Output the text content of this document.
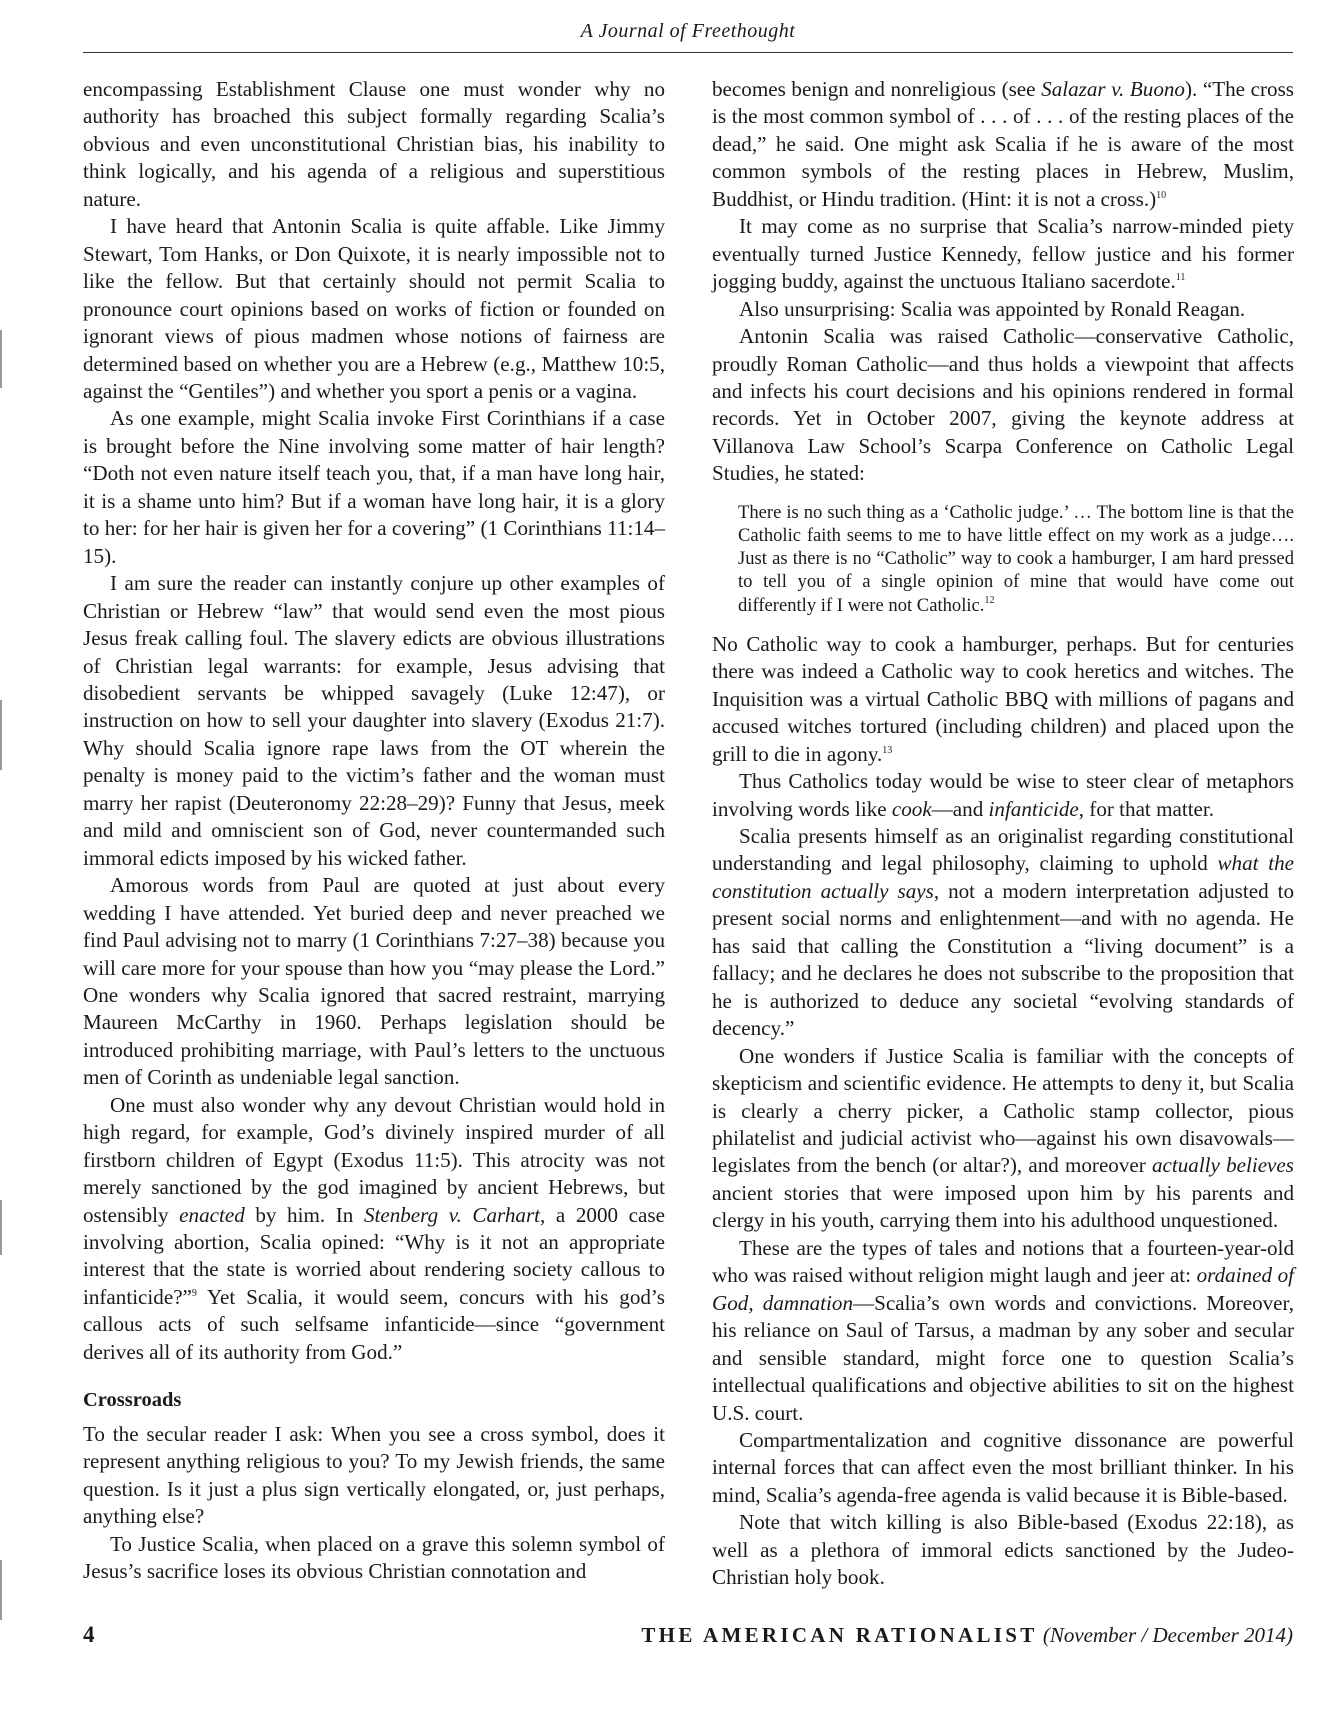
A Journal of Freethought

encompassing Establishment Clause one must wonder why no authority has broached this subject formally regarding Scalia’s obvious and even unconstitutional Christian bias, his inability to think logically, and his agenda of a religious and superstitious nature.

I have heard that Antonin Scalia is quite affable. Like Jimmy Stewart, Tom Hanks, or Don Quixote, it is nearly impossible not to like the fellow. But that certainly should not permit Scalia to pronounce court opinions based on works of fiction or founded on ignorant views of pious madmen whose notions of fairness are determined based on whether you are a Hebrew (e.g., Matthew 10:5, against the “Gentiles”) and whether you sport a penis or a vagina.

As one example, might Scalia invoke First Corinthians if a case is brought before the Nine involving some matter of hair length? “Doth not even nature itself teach you, that, if a man have long hair, it is a shame unto him? But if a woman have long hair, it is a glory to her: for her hair is given her for a covering” (1 Corinthians 11:14–15).

I am sure the reader can instantly conjure up other examples of Christian or Hebrew “law” that would send even the most pious Jesus freak calling foul. The slavery edicts are obvious illustrations of Christian legal warrants: for example, Jesus advising that disobedient servants be whipped savagely (Luke 12:47), or instruction on how to sell your daughter into slavery (Exodus 21:7). Why should Scalia ignore rape laws from the OT wherein the penalty is money paid to the victim’s father and the woman must marry her rapist (Deuteronomy 22:28–29)? Funny that Jesus, meek and mild and omniscient son of God, never countermanded such immoral edicts imposed by his wicked father.

Amorous words from Paul are quoted at just about every wedding I have attended. Yet buried deep and never preached we find Paul advising not to marry (1 Corinthians 7:27–38) because you will care more for your spouse than how you “may please the Lord.” One wonders why Scalia ignored that sacred restraint, marrying Maureen McCarthy in 1960. Perhaps legislation should be introduced prohibiting marriage, with Paul’s letters to the unctuous men of Corinth as undeniable legal sanction.

One must also wonder why any devout Christian would hold in high regard, for example, God’s divinely inspired murder of all firstborn children of Egypt (Exodus 11:5). This atrocity was not merely sanctioned by the god imagined by ancient Hebrews, but ostensibly enacted by him. In Stenberg v. Carhart, a 2000 case involving abortion, Scalia opined: “Why is it not an appropriate interest that the state is worried about rendering society callous to infanticide?”$^9$ Yet Scalia, it would seem, concurs with his god’s callous acts of such selfsame infanticide—since “government derives all of its authority from God.”

Crossroads

To the secular reader I ask: When you see a cross symbol, does it represent anything religious to you? To my Jewish friends, the same question. Is it just a plus sign vertically elongated, or, just perhaps, anything else?

To Justice Scalia, when placed on a grave this solemn symbol of Jesus’s sacrifice loses its obvious Christian connotation and

becomes benign and nonreligious (see Salazar v. Buono). “The cross is the most common symbol of . . . of . . . of the resting places of the dead,” he said. One might ask Scalia if he is aware of the most common symbols of the resting places in Hebrew, Muslim, Buddhist, or Hindu tradition. (Hint: it is not a cross.)$^{10}$

It may come as no surprise that Scalia’s narrow-minded piety eventually turned Justice Kennedy, fellow justice and his former jogging buddy, against the unctuous Italiano sacerdote.$^{11}$

Also unsurprising: Scalia was appointed by Ronald Reagan.

Antonin Scalia was raised Catholic—conservative Catholic, proudly Roman Catholic—and thus holds a viewpoint that affects and infects his court decisions and his opinions rendered in formal records. Yet in October 2007, giving the keynote address at Villanova Law School’s Scarpa Conference on Catholic Legal Studies, he stated:

There is no such thing as a ‘Catholic judge.’ … The bottom line is that the Catholic faith seems to me to have little effect on my work as a judge…. Just as there is no “Catholic” way to cook a hamburger, I am hard pressed to tell you of a single opinion of mine that would have come out differently if I were not Catholic.$^{12}$

No Catholic way to cook a hamburger, perhaps. But for centuries there was indeed a Catholic way to cook heretics and witches. The Inquisition was a virtual Catholic BBQ with millions of pagans and accused witches tortured (including children) and placed upon the grill to die in agony.$^{13}$

Thus Catholics today would be wise to steer clear of metaphors involving words like cook—and infanticide, for that matter.

Scalia presents himself as an originalist regarding constitutional understanding and legal philosophy, claiming to uphold what the constitution actually says, not a modern interpretation adjusted to present social norms and enlightenment—and with no agenda. He has said that calling the Constitution a “living document” is a fallacy; and he declares he does not subscribe to the proposition that he is authorized to deduce any societal “evolving standards of decency.”

One wonders if Justice Scalia is familiar with the concepts of skepticism and scientific evidence. He attempts to deny it, but Scalia is clearly a cherry picker, a Catholic stamp collector, pious philatelist and judicial activist who—against his own disavowals—legislates from the bench (or altar?), and moreover actually believes ancient stories that were imposed upon him by his parents and clergy in his youth, carrying them into his adulthood unquestioned.

These are the types of tales and notions that a fourteen-year-old who was raised without religion might laugh and jeer at: ordained of God, damnation—Scalia’s own words and convictions. Moreover, his reliance on Saul of Tarsus, a madman by any sober and secular and sensible standard, might force one to question Scalia’s intellectual qualifications and objective abilities to sit on the highest U.S. court.

Compartmentalization and cognitive dissonance are powerful internal forces that can affect even the most brilliant thinker. In his mind, Scalia’s agenda-free agenda is valid because it is Bible-based.

Note that witch killing is also Bible-based (Exodus 22:18), as well as a plethora of immoral edicts sanctioned by the Judeo-Christian holy book.

4	THE AMERICAN RATIONALIST (November / December 2014)
